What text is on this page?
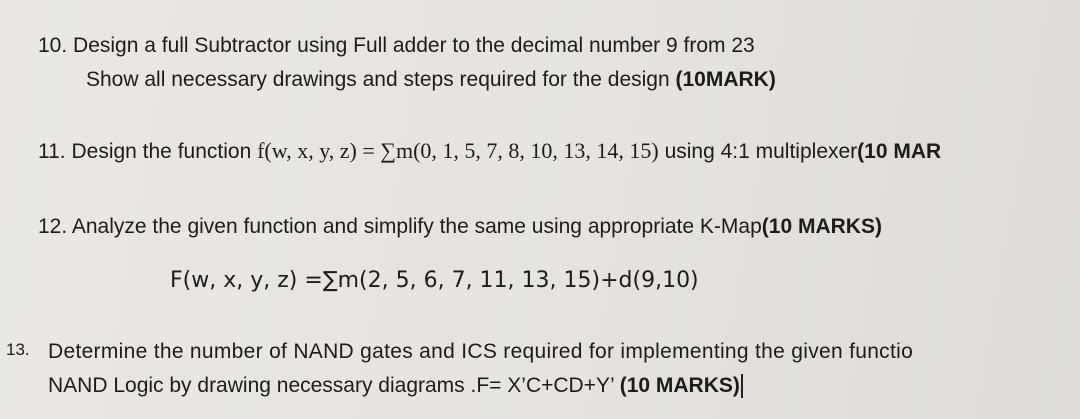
10. Design a full Subtractor using Full adder to the decimal number 9 from 23
Show all necessary drawings and steps required for the design (10MARK)
11. Design the function f(w, x, y, z) = ∑m(0, 1, 5, 7, 8, 10, 13, 14, 15) using 4:1 multiplexer(10 MAR
12. Analyze the given function and simplify the same using appropriate K-Map(10 MARKS)
F(w, x, y, z) =∑m(2, 5, 6, 7, 11, 13, 15)+d(9,10)
13. Determine the number of NAND gates and ICS required for implementing the given functio
NAND Logic by drawing necessary diagrams .F= X’C+CD+Y’ (10 MARKS)
